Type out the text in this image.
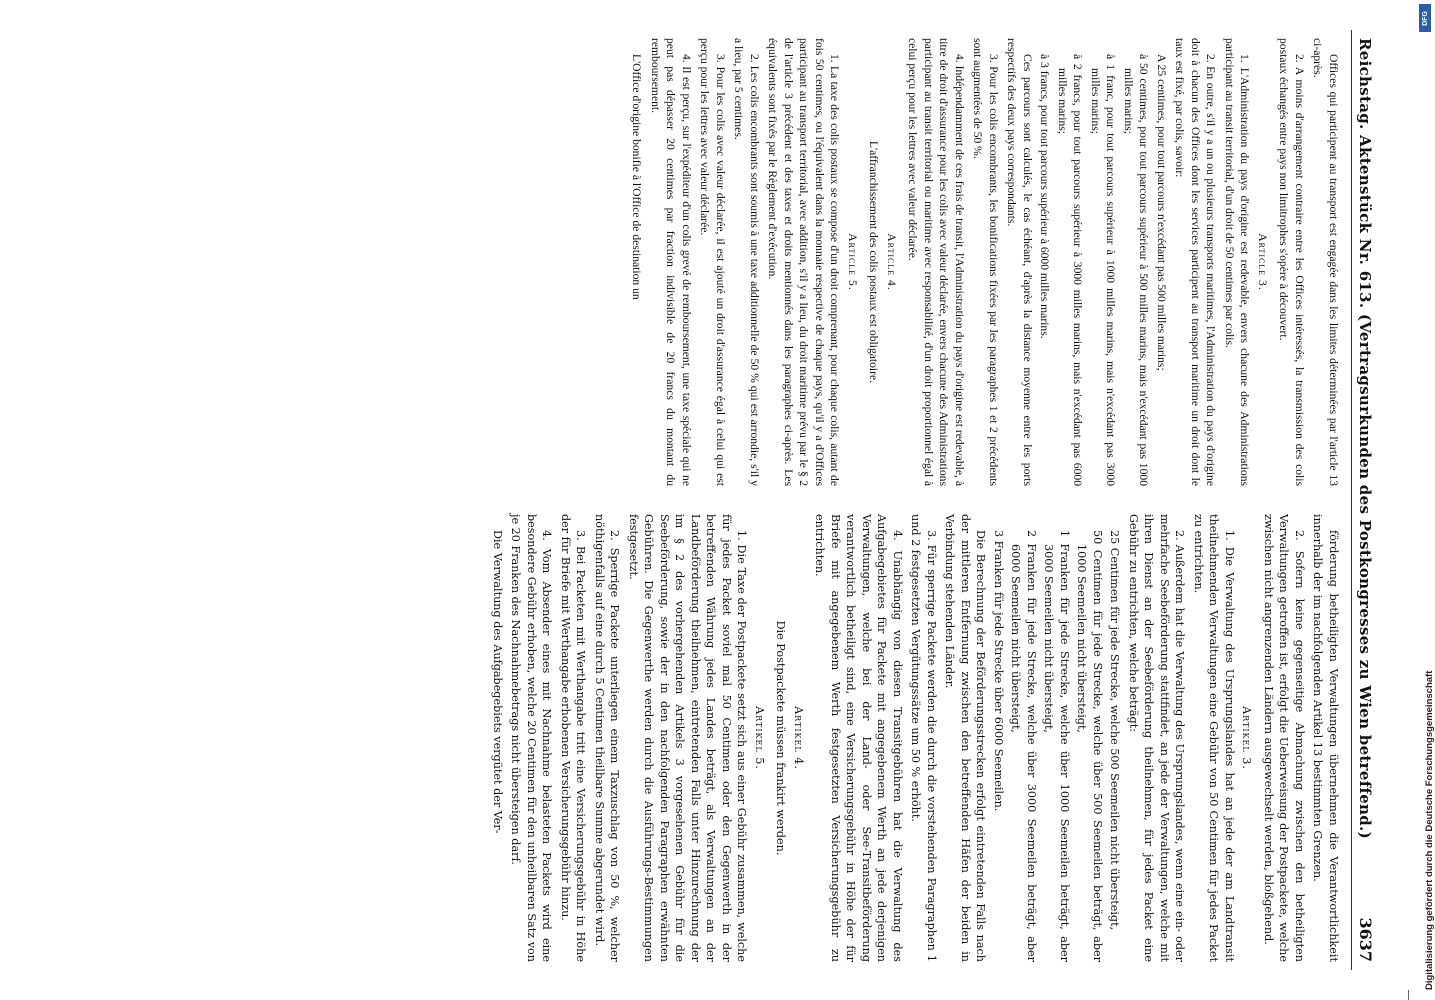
Reichstag. Aktenstück Nr. 613. (Vertragsurkunden des Postkongresses zu Wien betreffend.)
3637

Offices qui participent au transport est engagée dans les limites déterminées par l'article 13 ci-après.

2. A moins d'arrangement contraire entre les Offices intéressés, la transmission des colis postaux échangés entre pays non limitrophes s'opère à découvert.

Article 3.

1. L'Administration du pays d'origine est redevable, envers chacune des Administrations participant au transit territorial, d'un droit de 50 centimes par colis.

2. En outre, s'il y a un ou plusieurs transports maritimes, l'Administration du pays d'origine doit à chacun des Offices dont les services participent au transport maritime un droit dont le taux est fixé, par colis, savoir:

A 25 centimes, pour tout parcours n'excédant pas 500 milles marins;

à 50 centimes, pour tout parcours supérieur à 500 milles marins, mais n'excédant pas 1000 milles marins;

à 1 franc, pour tout parcours supérieur à 1000 milles marins, mais n'excédant pas 3000 milles marins;

à 2 francs, pour tout parcours supérieur à 3000 milles marins, mais n'excédant pas 6000 milles marins;

à 3 francs, pour tout parcours supérieur à 6000 milles marins.

Ces parcours sont calculés, le cas échéant, d'après la distance moyenne entre les ports respectifs des deux pays correspondants.

3. Pour les colis encombrants, les bonifications fixées par les paragraphes 1 et 2 précédents sont augmentées de 50 %.

4. Indépendamment de ces frais de transit, l'Administration du pays d'origine est redevable, à titre de droit d'assurance pour les colis avec valeur déclarée, envers chacune des Administrations participant au transit territorial ou maritime avec responsabilité, d'un droit proportionnel égal à celui perçu pour les lettres avec valeur déclarée.

Article 4.

L'affranchissement des colis postaux est obligatoire.

Article 5.

1. La taxe des colis postaux se compose d'un droit comprenant, pour chaque colis, autant de fois 50 centimes, ou l'équivalent dans la monnaie respective de chaque pays, qu'il y a d'Offices participant au transport territorial, avec addition, s'il y a lieu, du droit maritime prévu par le § 2 de l'article 3 précédent et des taxes et droits mentionnés dans les paragraphes ci-après. Les équivalents sont fixés par le Règlement d'exécution.

2. Les colis encombrants sont soumis à une taxe additionnelle de 50 % qui est arrondie, s'il y a lieu, par 5 centimes.

3. Pour les colis avec valeur déclarée, il est ajouté un droit d'assurance égal à celui qui est perçu pour les lettres avec valeur déclarée.

4. Il est perçu, sur l'expéditeur d'un colis grevé de remboursement, une taxe spéciale qui ne peut pas dépasser 20 centimes par fraction indivisible de 20 francs du montant du remboursement.

L'Office d'origine bonifie à l'Office de destination un

förderung betheiligten Verwaltungen übernehmen die Verantwortlichkeit innerhalb der im nachfolgenden Artikel 13 bestimmten Grenzen.

2. Sofern keine gegenseitige Abmachung zwischen den betheiligten Verwaltungen getroffen ist, erfolgt die Ueberweisung der Postpackete, welche zwischen nicht angrenzenden Ländern ausgewechselt werden, bloßgehend.

Artikel 3.

1. Die Verwaltung des Ursprungslandes hat an jede der am Landtransit theilnehmenden Verwaltungen eine Gebühr von 50 Centimen für jedes Packet zu entrichten.

2. Außerdem hat die Verwaltung des Ursprungslandes, wenn eine ein- oder mehrfache Seebeförderung stattfindet, an jede der Verwaltungen, welche mit ihren Dienst an der Seebeförderung theilnehmen, für jedes Packet eine Gebühr zu entrichten, welche beträgt:

25 Centimen für jede Strecke, welche 500 Seemeilen nicht übersteigt,

50 Centimen für jede Strecke, welche über 500 Seemeilen beträgt, aber 1000 Seemeilen nicht übersteigt,

1 Franken für jede Strecke, welche über 1000 Seemeilen beträgt, aber 3000 Seemeilen nicht übersteigt,

2 Franken für jede Strecke, welche über 3000 Seemeilen beträgt, aber 6000 Seemeilen nicht übersteigt,

3 Franken für jede Strecke über 6000 Seemeilen.

Die Berechnung der Beförderungsstrecken erfolgt eintretenden Falls nach der mittleren Entfernung zwischen den betreffenden Häfen der beiden in Verbindung stehenden Länder.

3. Für sperrige Packete werden die durch die vorstehenden Paragraphen 1 und 2 festgesetzten Vergütungssätze um 50 % erhöht.

4. Unabhängig von diesen Transitgebühren hat die Verwaltung des Aufgabegebietes für Packete mit angegebenem Werth an jede derjenigen Verwaltungen, welche bei der Land- oder See-Transitbeförderung verantwortlich betheiligt sind, eine Versicherungsgebühr in Höhe der für Briefe mit angegebenem Werth festgesetzten Versicherungsgebühr zu entrichten.

Artikel 4.

Die Postpackete müssen frankirt werden.

Artikel 5.

1. Die Taxe der Postpackete setzt sich aus einer Gebühr zusammen, welche für jedes Packet soviel mal 50 Centimen oder den Gegenwerth in der betreffenden Währung jedes Landes beträgt, als Verwaltungen an der Landbeförderung theilnehmen, eintretenden Falls unter Hinzurechnung der im § 2 des vorhergehenden Artikels 3 vorgesehenen Gebühr für die Seebeförderung, sowie der in den nachfolgenden Paragraphen erwähnten Gebühren. Die Gegenwerthe werden durch die Ausführungs-Bestimmungen festgesetzt.

2. Sperrige Packete unterliegen einem Taxzuschlag von 50 %, welcher nöthigenfalls auf eine durch 5 Centimen theilbare Summe abgerundet wird.

3. Bei Packeten mit Werthangabe tritt eine Versicherungsgebühr in Höhe der für Briefe mit Werthangabe erhobenen Versicherungsgebühr hinzu.

4. Vom Absender eines mit Nachnahme belasteten Packets wird eine besondere Gebühr erhoben, welche 20 Centimen für den unheilbaren Satz von je 20 Franken des Nachnahmebetrags nicht übersteigen darf.

Die Verwaltung des Aufgabegebiets vergütet der Ver-

DFG
Digitalisierung gefördert durch die Deutsche Forschungsgemeinschaft
